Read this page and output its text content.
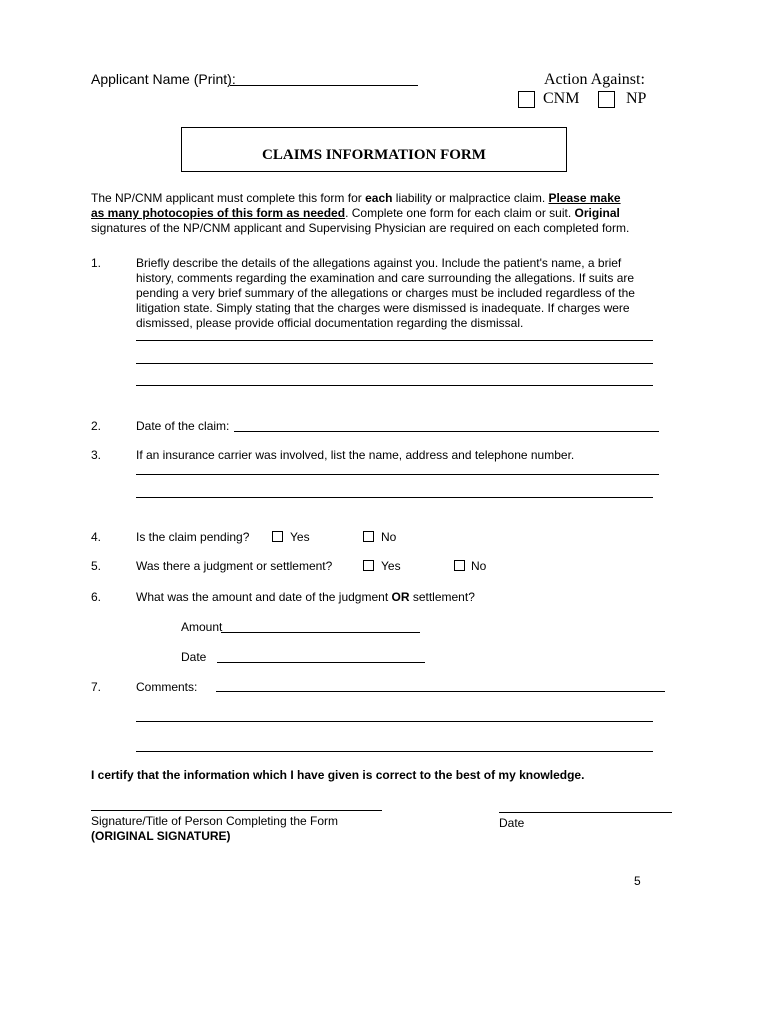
Applicant Name (Print):	Action Against:
CNM	NP
CLAIMS INFORMATION FORM
The NP/CNM applicant must complete this form for each liability or malpractice claim. Please make
as many photocopies of this form as needed. Complete one form for each claim or suit. Original
signatures of the NP/CNM applicant and Supervising Physician are required on each completed form.
1.	Briefly describe the details of the allegations against you. Include the patient's name, a brief
history, comments regarding the examination and care surrounding the allegations. If suits are
pending a very brief summary of the allegations or charges must be included regardless of the
litigation state. Simply stating that the charges were dismissed is inadequate. If charges were
dismissed, please provide official documentation regarding the dismissal.
2.	Date of the claim:
3.	If an insurance carrier was involved, list the name, address and telephone number.
4.	Is the claim pending?	Yes	No
5.	Was there a judgment or settlement?	Yes	No
6.	What was the amount and date of the judgment OR settlement?
Amount
Date
7.	Comments:
I certify that the information which I have given is correct to the best of my knowledge.
Signature/Title of Person Completing the Form
(ORIGINAL SIGNATURE)
Date
5
